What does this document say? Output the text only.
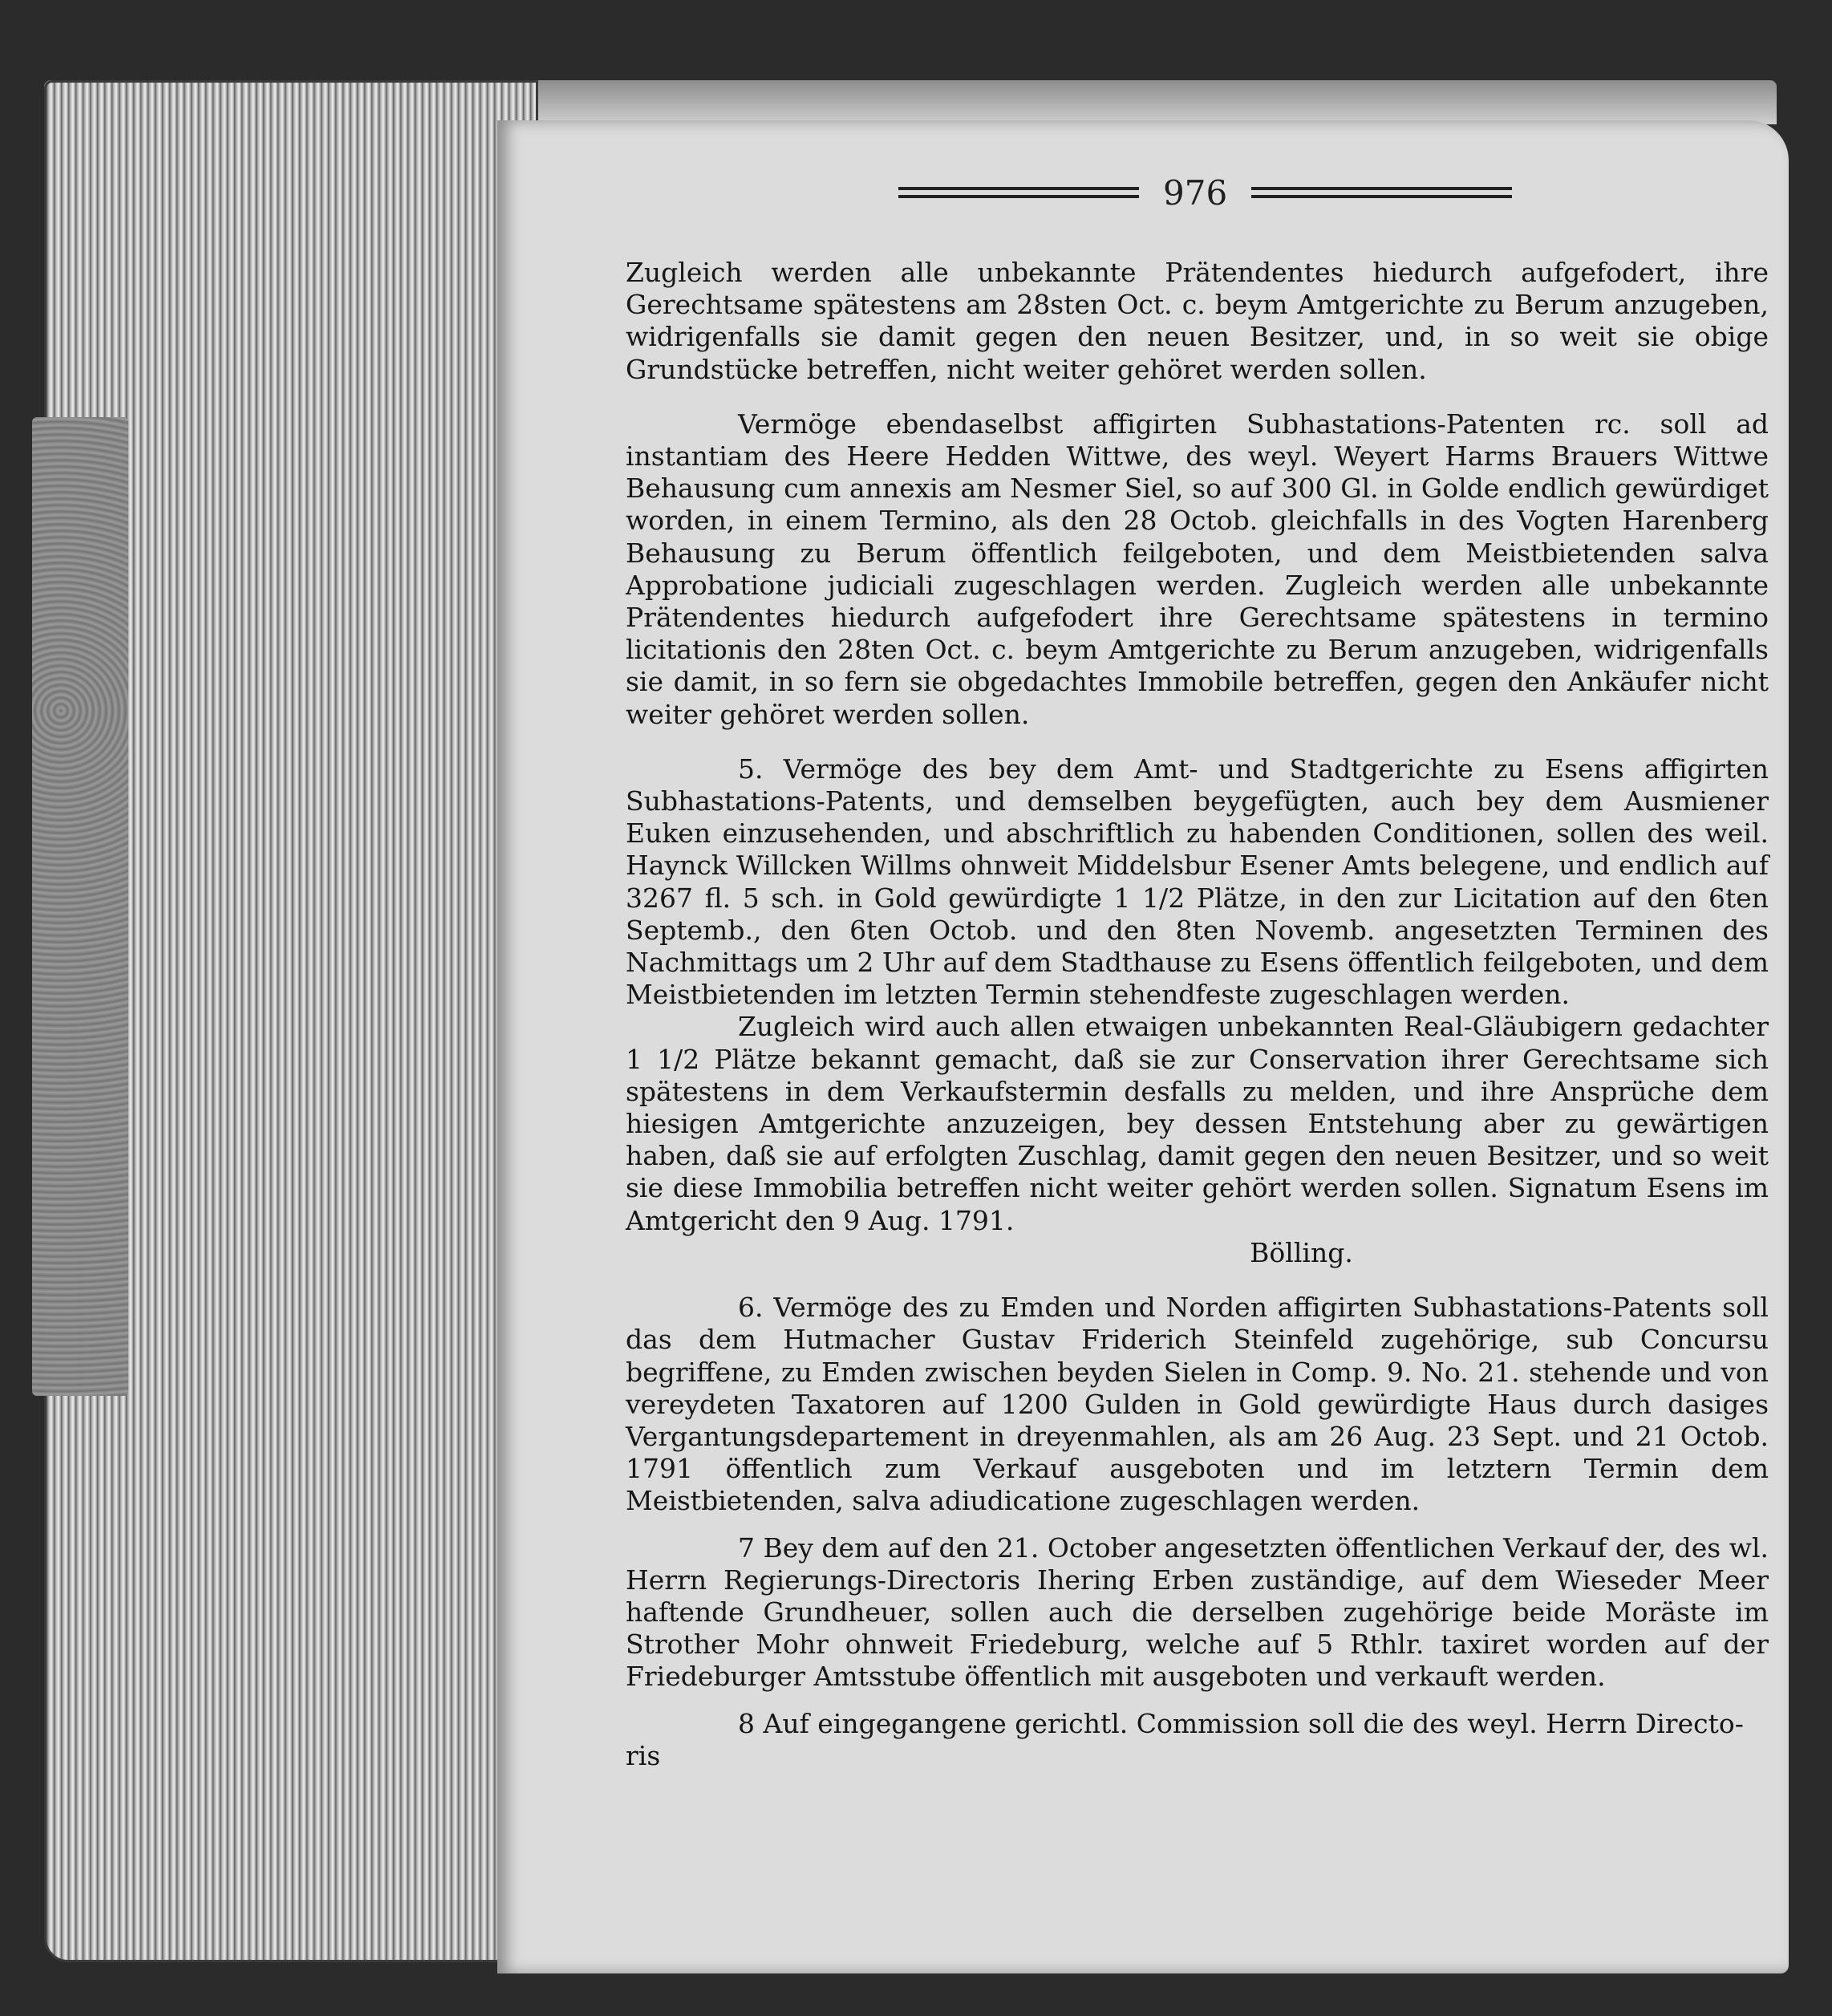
976

Zugleich werden alle unbekannte Prätendentes hiedurch aufgefodert, ihre Gerechtsame spätestens am 28sten Oct. c. beym Amtgerichte zu Berum anzugeben, widrigenfalls sie damit gegen den neuen Besitzer, und, in so weit sie obige Grundstücke betreffen, nicht weiter gehöret werden sollen.

Vermöge ebendaselbst affigirten Subhastations-Patenten rc. soll ad instantiam des Heere Hedden Wittwe, des weyl. Weyert Harms Brauers Wittwe Behausung cum annexis am Nesmer Siel, so auf 300 Gl. in Golde endlich gewürdiget worden, in einem Termino, als den 28 Octob. gleichfalls in des Vogten Harenberg Behausung zu Berum öffentlich feilgeboten, und dem Meistbietenden salva Approbatione judiciali zugeschlagen werden. Zugleich werden alle unbekannte Prätendentes hiedurch aufgefodert ihre Gerechtsame spätestens in termino licitationis den 28ten Oct. c. beym Amtgerichte zu Berum anzugeben, widrigenfalls sie damit, in so fern sie obgedachtes Immobile betreffen, gegen den Ankäufer nicht weiter gehöret werden sollen.

5. Vermöge des bey dem Amt- und Stadtgerichte zu Esens affigirten Subhastations-Patents, und demselben beygefügten, auch bey dem Ausmiener Euken einzusehenden, und abschriftlich zu habenden Conditionen, sollen des weil. Haynck Willcken Willms ohnweit Middelsbur Esener Amts belegene, und endlich auf 3267 fl. 5 sch. in Gold gewürdigte 1 1/2 Plätze, in den zur Licitation auf den 6ten Septemb., den 6ten Octob. und den 8ten Novemb. angesetzten Terminen des Nachmittags um 2 Uhr auf dem Stadthause zu Esens öffentlich feilgeboten, und dem Meistbietenden im letzten Termin stehendfeste zugeschlagen werden.

Zugleich wird auch allen etwaigen unbekannten Real-Gläubigern gedachter 1 1/2 Plätze bekannt gemacht, daß sie zur Conservation ihrer Gerechtsame sich spätestens in dem Verkaufstermin desfalls zu melden, und ihre Ansprüche dem hiesigen Amtgerichte anzuzeigen, bey dessen Entstehung aber zu gewärtigen haben, daß sie auf erfolgten Zuschlag, damit gegen den neuen Besitzer, und so weit sie diese Immobilia betreffen nicht weiter gehört werden sollen. Signatum Esens im Amtgericht den 9 Aug. 1791.

Bölling.

6. Vermöge des zu Emden und Norden affigirten Subhastations-Patents soll das dem Hutmacher Gustav Friderich Steinfeld zugehörige, sub Concursu begriffene, zu Emden zwischen beyden Sielen in Comp. 9. No. 21. stehende und von vereydeten Taxatoren auf 1200 Gulden in Gold gewürdigte Haus durch dasiges Vergantungsdepartement in dreyenmahlen, als am 26 Aug. 23 Sept. und 21 Octob. 1791 öffentlich zum Verkauf ausgeboten und im letztern Termin dem Meistbietenden, salva adiudicatione zugeschlagen werden.

7 Bey dem auf den 21. October angesetzten öffentlichen Verkauf der, des wl. Herrn Regierungs-Directoris Ihering Erben zuständige, auf dem Wieseder Meer haftende Grundheuer, sollen auch die derselben zugehörige beide Moräste im Strother Mohr ohnweit Friedeburg, welche auf 5 Rthlr. taxiret worden auf der Friedeburger Amtsstube öffentlich mit ausgeboten und verkauft werden.

8 Auf eingegangene gerichtl. Commission soll die des weyl. Herrn Directo-

ris
